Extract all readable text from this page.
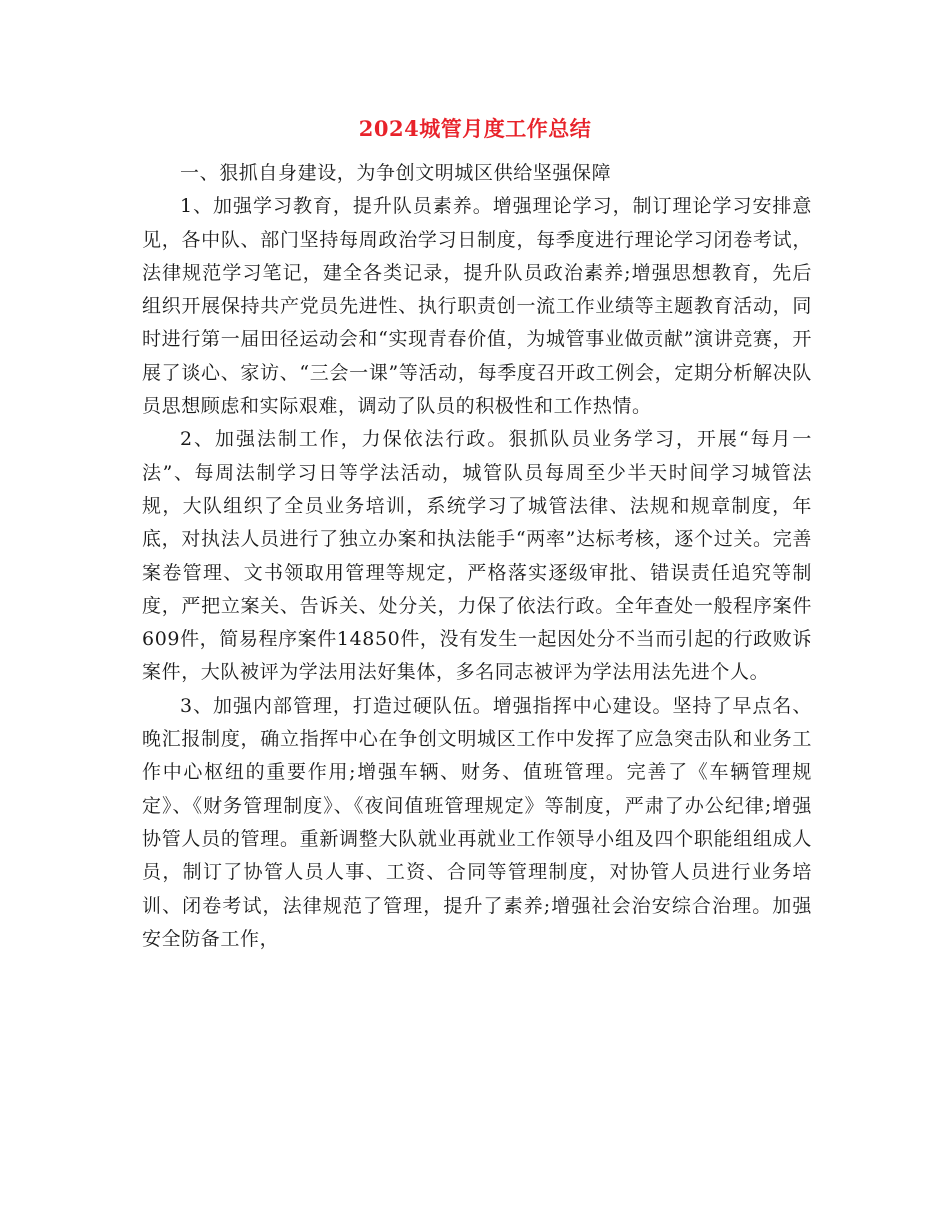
2024城管月度工作总结

一、狠抓自身建设，为争创文明城区供给坚强保障

1、加强学习教育，提升队员素养。增强理论学习，制订理论学习安排意见，各中队、部门坚持每周政治学习日制度，每季度进行理论学习闭卷考试，法律规范学习笔记，建全各类记录，提升队员政治素养;增强思想教育，先后组织开展保持共产党员先进性、执行职责创一流工作业绩等主题教育活动，同时进行第一届田径运动会和“实现青春价值，为城管事业做贡献”演讲竞赛，开展了谈心、家访、“三会一课”等活动，每季度召开政工例会，定期分析解决队员思想顾虑和实际艰难，调动了队员的积极性和工作热情。

2、加强法制工作，力保依法行政。狠抓队员业务学习，开展“每月一法”、每周法制学习日等学法活动，城管队员每周至少半天时间学习城管法规，大队组织了全员业务培训，系统学习了城管法律、法规和规章制度，年底，对执法人员进行了独立办案和执法能手“两率”达标考核，逐个过关。完善案卷管理、文书领取用管理等规定，严格落实逐级审批、错误责任追究等制度，严把立案关、告诉关、处分关，力保了依法行政。全年查处一般程序案件609件，简易程序案件14850件，没有发生一起因处分不当而引起的行政败诉案件，大队被评为学法用法好集体，多名同志被评为学法用法先进个人。

3、加强内部管理，打造过硬队伍。增强指挥中心建设。坚持了早点名、晚汇报制度，确立指挥中心在争创文明城区工作中发挥了应急突击队和业务工作中心枢纽的重要作用;增强车辆、财务、值班管理。完善了《车辆管理规定》、《财务管理制度》、《夜间值班管理规定》等制度，严肃了办公纪律;增强协管人员的管理。重新调整大队就业再就业工作领导小组及四个职能组组成人员，制订了协管人员人事、工资、合同等管理制度，对协管人员进行业务培训、闭卷考试，法律规范了管理，提升了素养;增强社会治安综合治理。加强安全防备工作，
